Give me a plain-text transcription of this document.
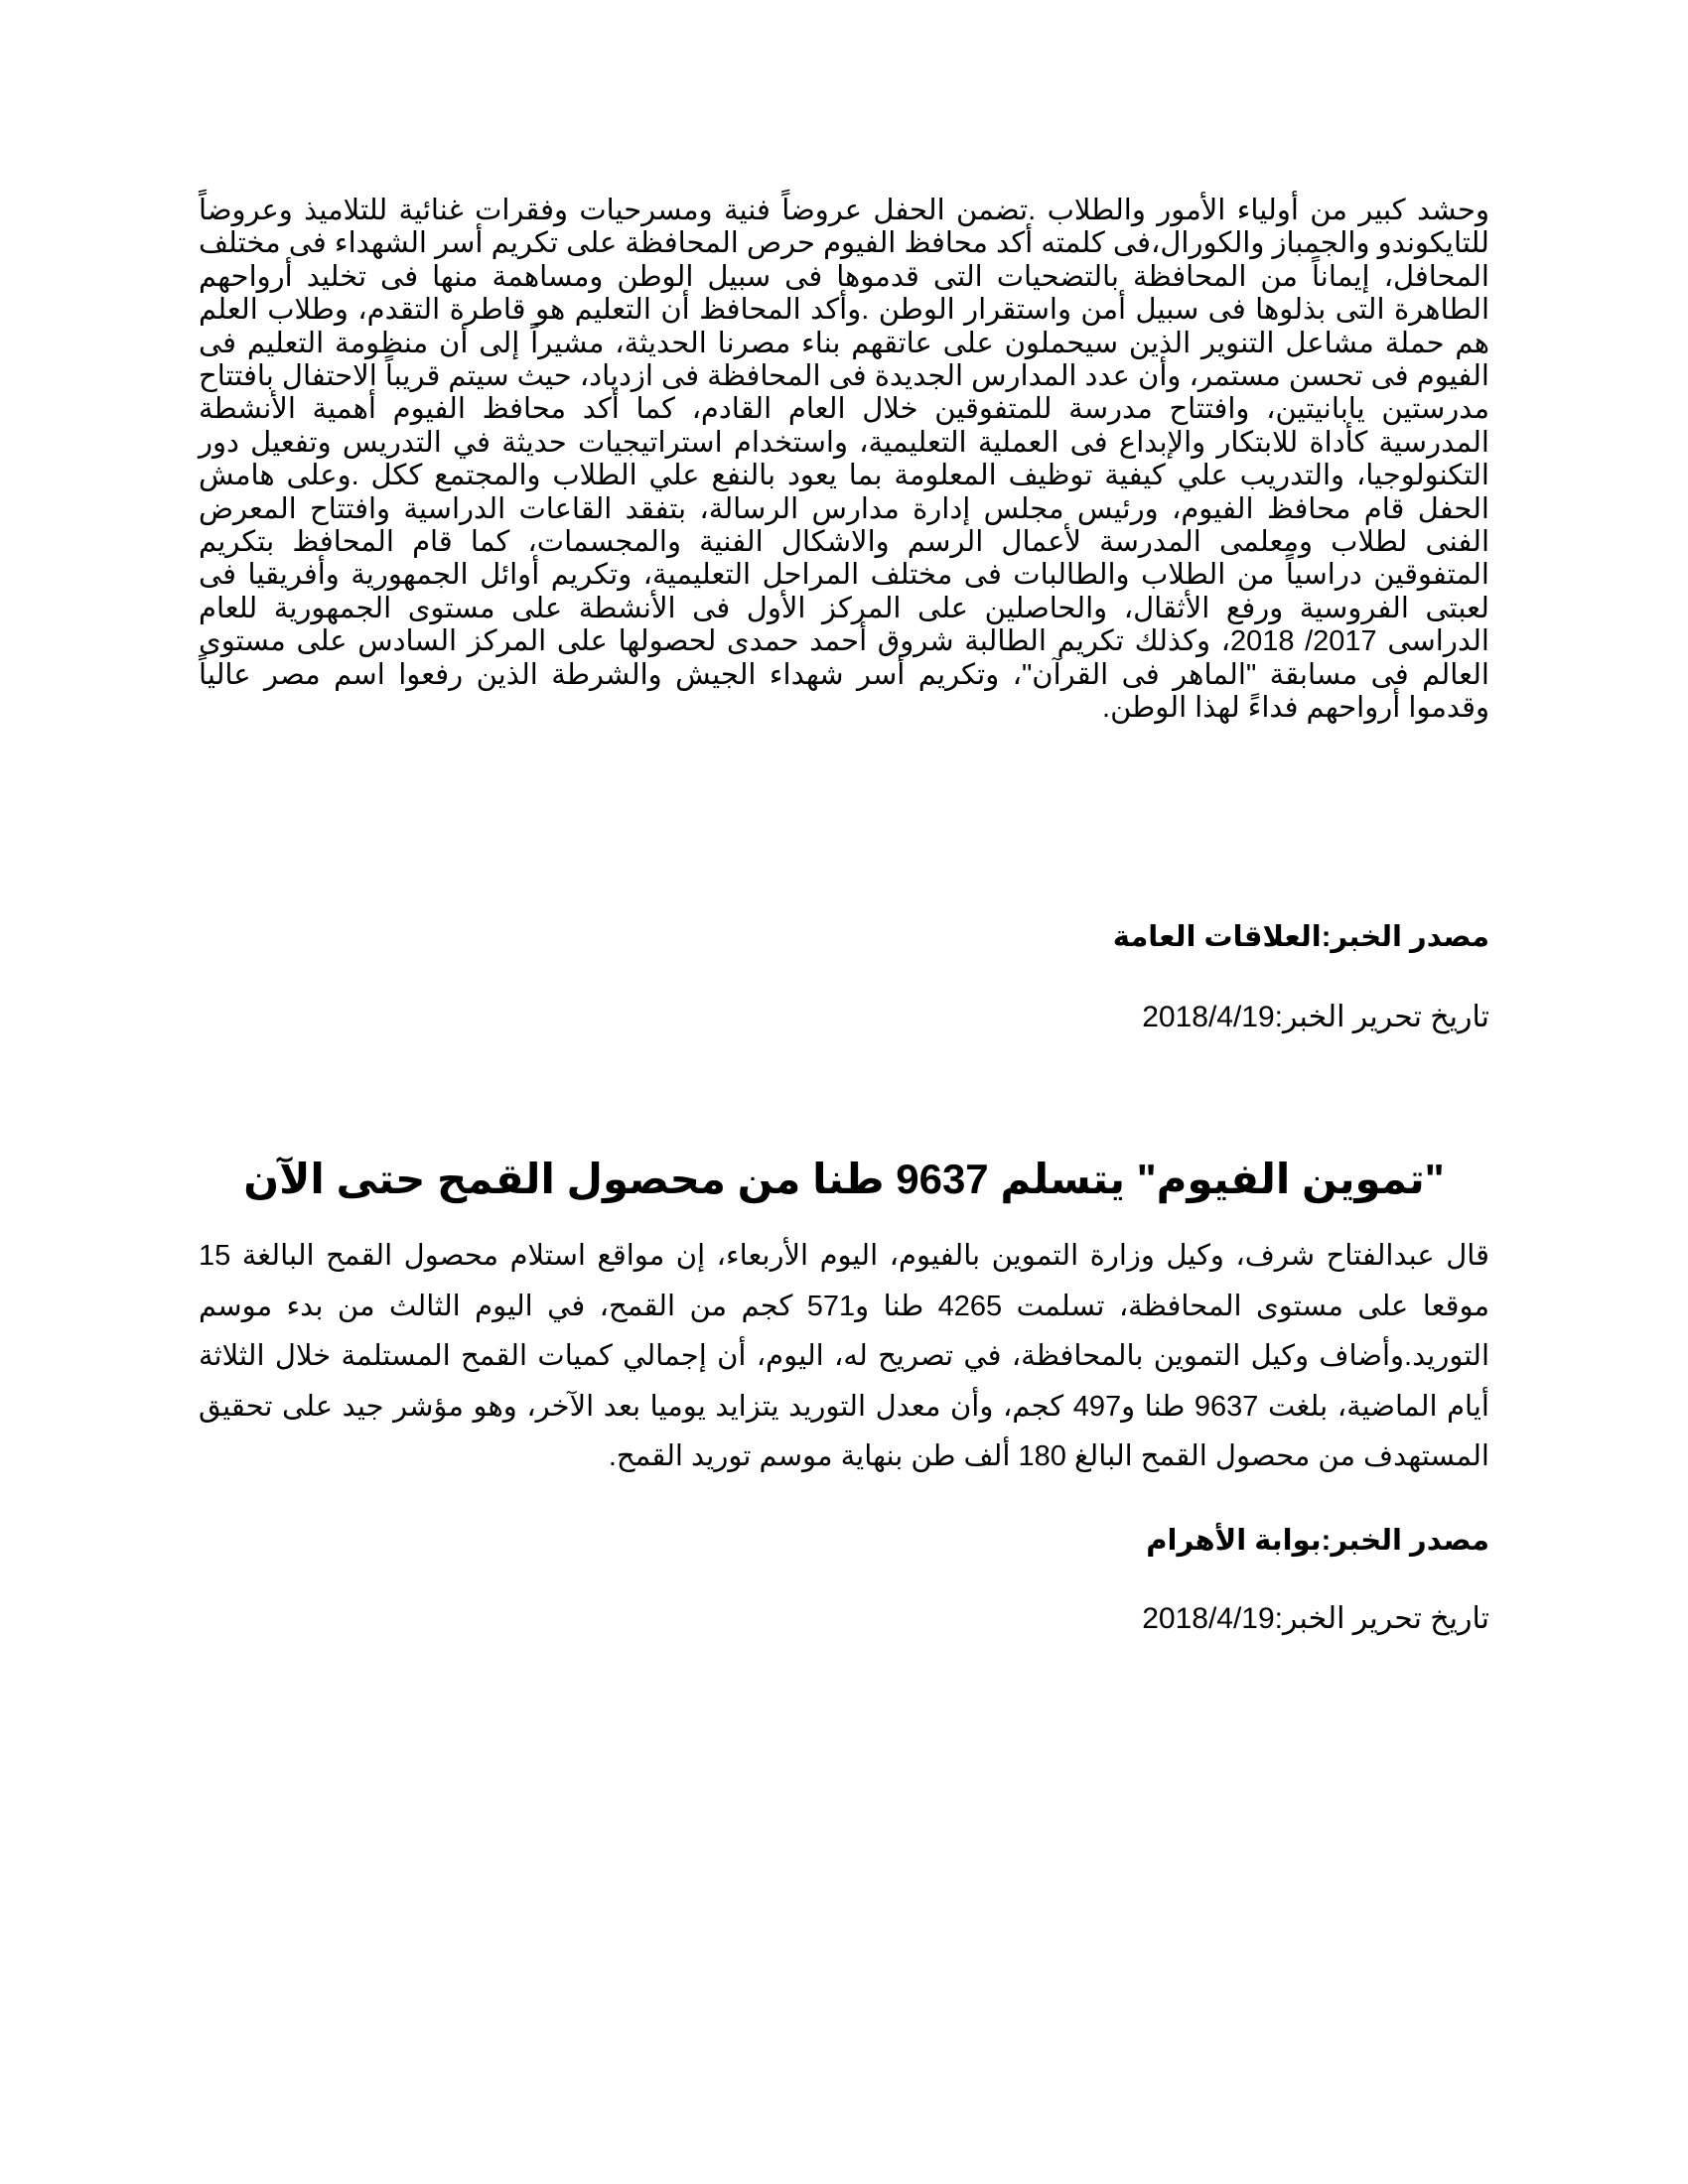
وحشد كبير من أولياء الأمور والطلاب .تضمن الحفل عروضاً فنية ومسرحيات وفقرات غنائية للتلاميذ وعروضاً للتايكوندو والجمباز والكورال،فى كلمته أكد محافظ الفيوم حرص المحافظة على تكريم أسر الشهداء فى مختلف المحافل، إيماناً من المحافظة بالتضحيات التى قدموها فى سبيل الوطن ومساهمة منها فى تخليد أرواحهم الطاهرة التى بذلوها فى سبيل أمن واستقرار الوطن .وأكد المحافظ أن التعليم هو قاطرة التقدم، وطلاب العلم هم حملة مشاعل التنوير الذين سيحملون على عاتقهم بناء مصرنا الحديثة، مشيراً إلى أن منظومة التعليم فى الفيوم فى تحسن مستمر، وأن عدد المدارس الجديدة فى المحافظة فى ازدياد، حيث سيتم قريباً الاحتفال بافتتاح مدرستين يابانيتين، وافتتاح مدرسة للمتفوقين خلال العام القادم، كما أكد محافظ الفيوم أهمية الأنشطة المدرسية كأداة للابتكار والإبداع فى العملية التعليمية، واستخدام استراتيجيات حديثة في التدريس وتفعيل دور التكنولوجيا، والتدريب علي كيفية توظيف المعلومة بما يعود بالنفع علي الطلاب والمجتمع ككل .وعلى هامش الحفل قام محافظ الفيوم، ورئيس مجلس إدارة مدارس الرسالة، بتفقد القاعات الدراسية وافتتاح المعرض الفنى لطلاب ومعلمى المدرسة لأعمال الرسم والاشكال الفنية والمجسمات، كما قام المحافظ بتكريم المتفوقين دراسياً من الطلاب والطالبات فى مختلف المراحل التعليمية، وتكريم أوائل الجمهورية وأفريقيا فى لعبتى الفروسية ورفع الأثقال، والحاصلين على المركز الأول فى الأنشطة على مستوى الجمهورية للعام الدراسى 2017/ 2018، وكذلك تكريم الطالبة شروق أحمد حمدى لحصولها على المركز السادس على مستوى العالم فى مسابقة "الماهر فى القرآن"، وتكريم أسر شهداء الجيش والشرطة الذين رفعوا اسم مصر عالياً وقدموا أرواحهم فداءً لهذا الوطن.
مصدر الخبر:العلاقات العامة
تاريخ تحرير الخبر:2018/4/19
"تموين الفيوم" يتسلم 9637 طنا من محصول القمح حتى الآن
قال عبدالفتاح شرف، وكيل وزارة التموين بالفيوم، اليوم الأربعاء، إن مواقع استلام محصول القمح البالغة 15 موقعا على مستوى المحافظة، تسلمت 4265 طنا و571 كجم من القمح، في اليوم الثالث من بدء موسم التوريد.وأضاف وكيل التموين بالمحافظة، في تصريح له، اليوم، أن إجمالي كميات القمح المستلمة خلال الثلاثة أيام الماضية، بلغت 9637 طنا و497 كجم، وأن معدل التوريد يتزايد يوميا بعد الآخر، وهو مؤشر جيد على تحقيق المستهدف من محصول القمح البالغ 180 ألف طن بنهاية موسم توريد القمح.
مصدر الخبر:بوابة الأهرام
تاريخ تحرير الخبر:2018/4/19
